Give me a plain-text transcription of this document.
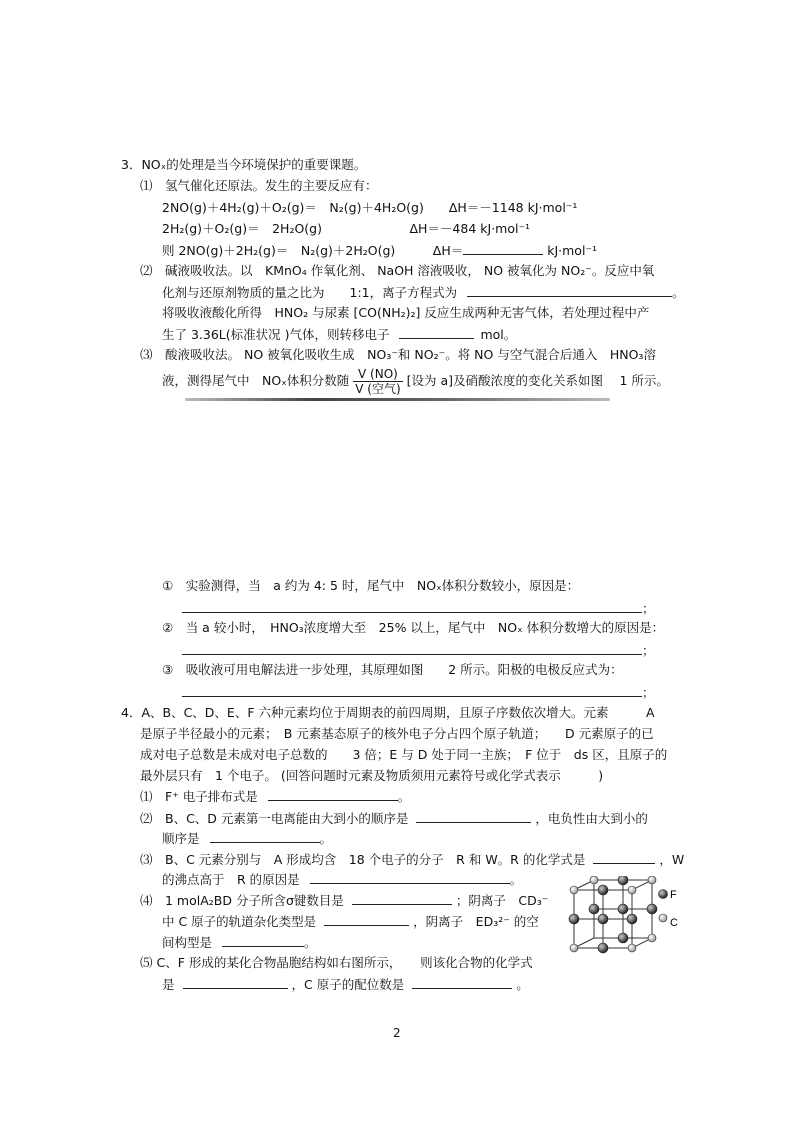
3．NOₓ的处理是当今环境保护的重要课题。
⑴　氢气催化还原法。发生的主要反应有：
2NO(g)＋4H₂(g)＋O₂(g)＝　N₂(g)＋4H₂O(g)　　ΔH＝－1148 kJ·mol⁻¹
2H₂(g)＋O₂(g)＝　2H₂O(g)　　　　　　　ΔH＝－484 kJ·mol⁻¹
则 2NO(g)＋2H₂(g)＝　N₂(g)＋2H₂O(g)　　　ΔH＝	kJ·mol⁻¹
⑵　碱液吸收法。以　KMnO₄ 作氧化剂、 NaOH 溶液吸收， NO 被氧化为 NO₂⁻。反应中氧
化剂与还原剂物质的量之比为　　1:1，离子方程式为	。
将吸收液酸化所得　HNO₂ 与尿素 [CO(NH₂)₂] 反应生成两种无害气体，若处理过程中产
生了 3.36L(标准状况 )气体，则转移电子	mol。
⑶　酸液吸收法。 NO 被氧化吸收生成　NO₃⁻和 NO₂⁻。将 NO 与空气混合后通入　HNO₃溶
液，测得尾气中　NOₓ体积分数随 $\frac{V (NO)}{\text{V (空气)}}$ [设为 a]及硝酸浓度的变化关系如图　 1 所示。
①　实验测得，当　a 约为 4: 5 时，尾气中　NOₓ体积分数较小，原因是：
；
②　当 a 较小时，　HNO₃浓度增大至　25% 以上，尾气中　NOₓ 体积分数增大的原因是：
；
③　吸收液可用电解法进一步处理，其原理如图　　2 所示。阳极的电极反应式为：
；
4．A、B、C、D、E、F 六种元素均位于周期表的前四周期，且原子序数依次增大。元素　　　A
是原子半径最小的元素；　B 元素基态原子的核外电子分占四个原子轨道；　　D 元素原子的已
成对电子总数是未成对电子总数的　　3 倍；E 与 D 处于同一主族；　F 位于　ds 区，且原子的
最外层只有　1 个电子。 (回答问题时元素及物质须用元素符号或化学式表示　　　)
⑴　F⁺ 电子排布式是	。
⑵　B、C、D 元素第一电离能由大到小的顺序是	，电负性由大到小的
顺序是	。
⑶　B、C 元素分别与　A 形成均含　18 个电子的分子　R 和 W。R 的化学式是	，W
的沸点高于　R 的原因是	。
⑷　1 molA₂BD 分子所含σ键数目是	；阴离子　CD₃⁻
中 C 原子的轨道杂化类型是	，阴离子　ED₃²⁻ 的空
间构型是	。
⑸ C、F 形成的某化合物晶胞结构如右图所示，　　则该化合物的化学式
是	，C 原子的配位数是	。
F
C
2
